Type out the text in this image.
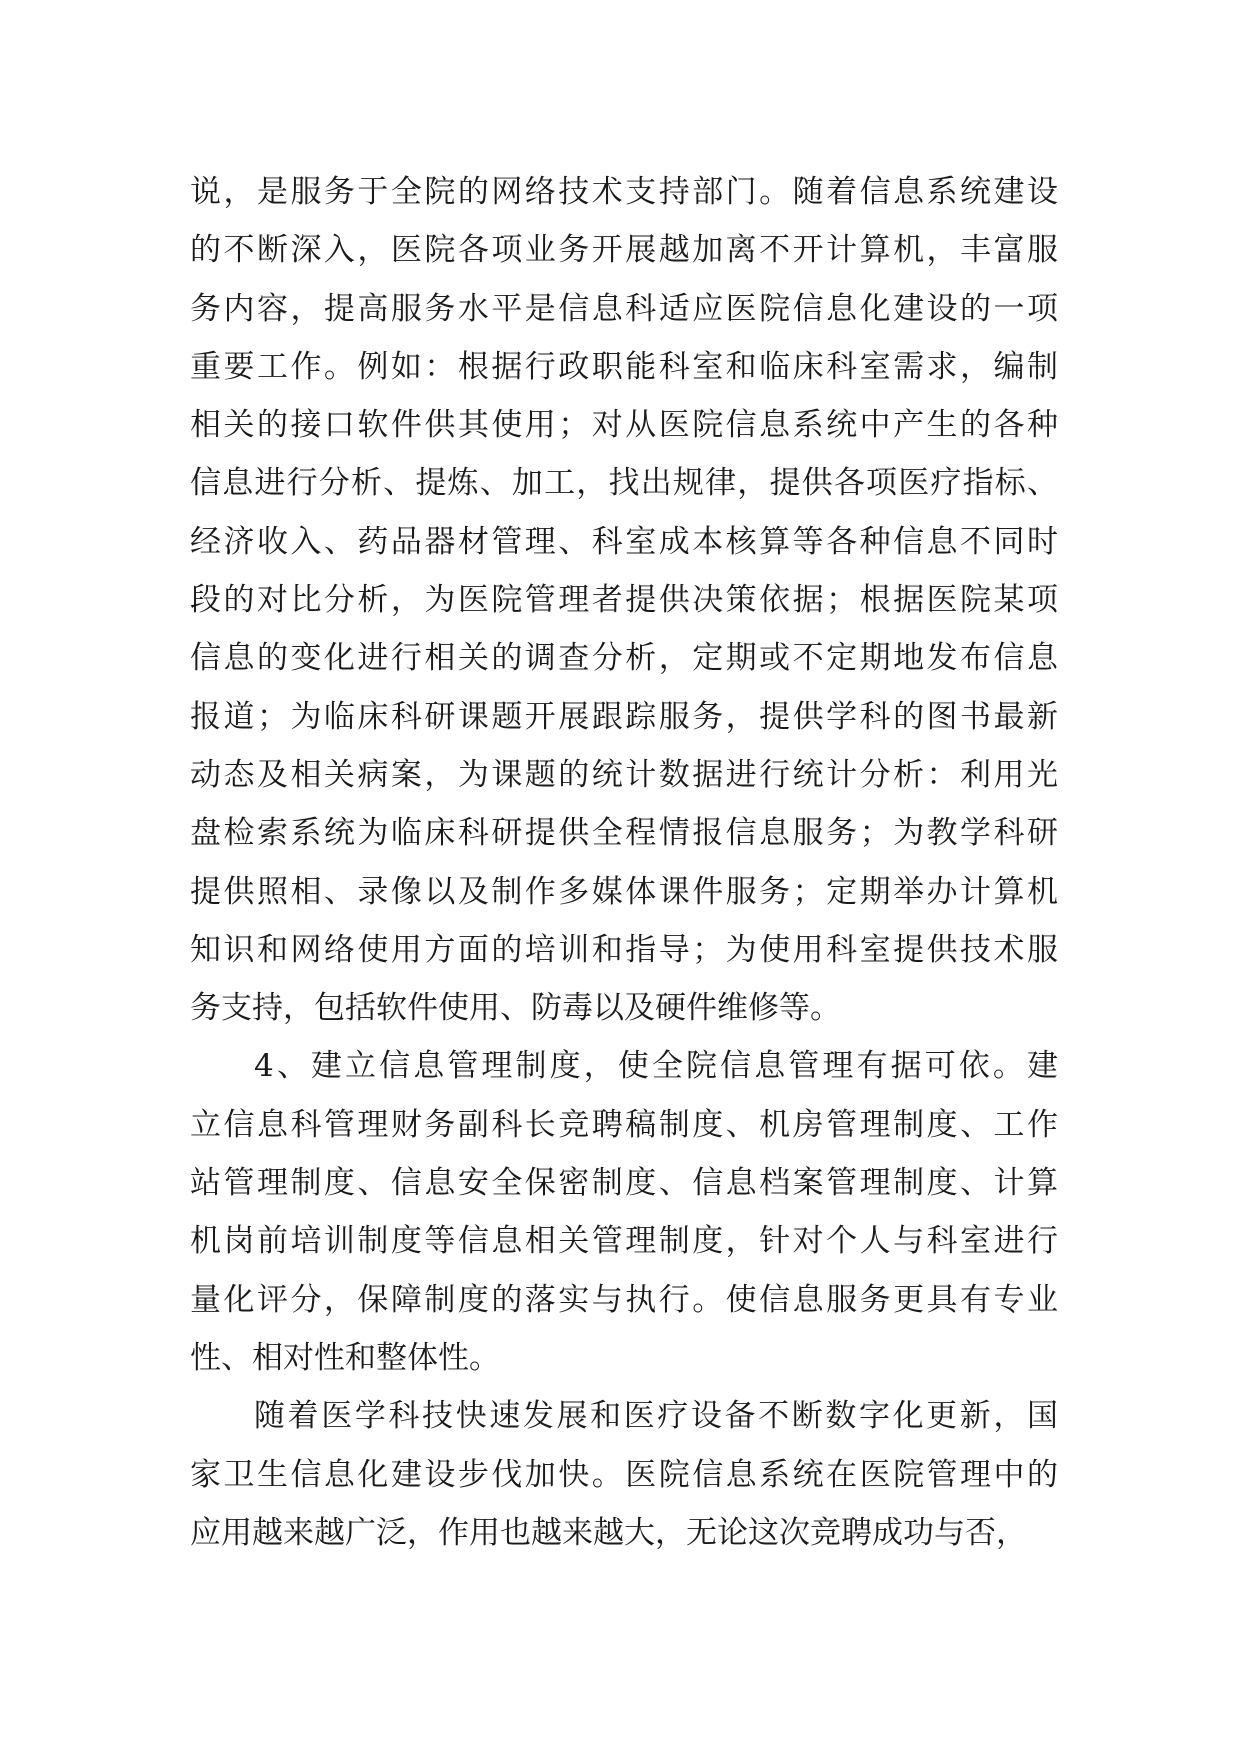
说，是服务于全院的网络技术支持部门。随着信息系统建设
的不断深入，医院各项业务开展越加离不开计算机，丰富服
务内容，提高服务水平是信息科适应医院信息化建设的一项
重要工作。例如：根据行政职能科室和临床科室需求，编制
相关的接口软件供其使用；对从医院信息系统中产生的各种
信息进行分析、提炼、加工，找出规律，提供各项医疗指标、
经济收入、药品器材管理、科室成本核算等各种信息不同时
段的对比分析，为医院管理者提供决策依据；根据医院某项
信息的变化进行相关的调查分析，定期或不定期地发布信息
报道；为临床科研课题开展跟踪服务，提供学科的图书最新
动态及相关病案，为课题的统计数据进行统计分析：利用光
盘检索系统为临床科研提供全程情报信息服务；为教学科研
提供照相、录像以及制作多媒体课件服务；定期举办计算机
知识和网络使用方面的培训和指导；为使用科室提供技术服
务支持，包括软件使用、防毒以及硬件维修等。
4、建立信息管理制度，使全院信息管理有据可依。建
立信息科管理财务副科长竞聘稿制度、机房管理制度、工作
站管理制度、信息安全保密制度、信息档案管理制度、计算
机岗前培训制度等信息相关管理制度，针对个人与科室进行
量化评分，保障制度的落实与执行。使信息服务更具有专业
性、相对性和整体性。
随着医学科技快速发展和医疗设备不断数字化更新，国
家卫生信息化建设步伐加快。医院信息系统在医院管理中的
应用越来越广泛，作用也越来越大，无论这次竞聘成功与否，
